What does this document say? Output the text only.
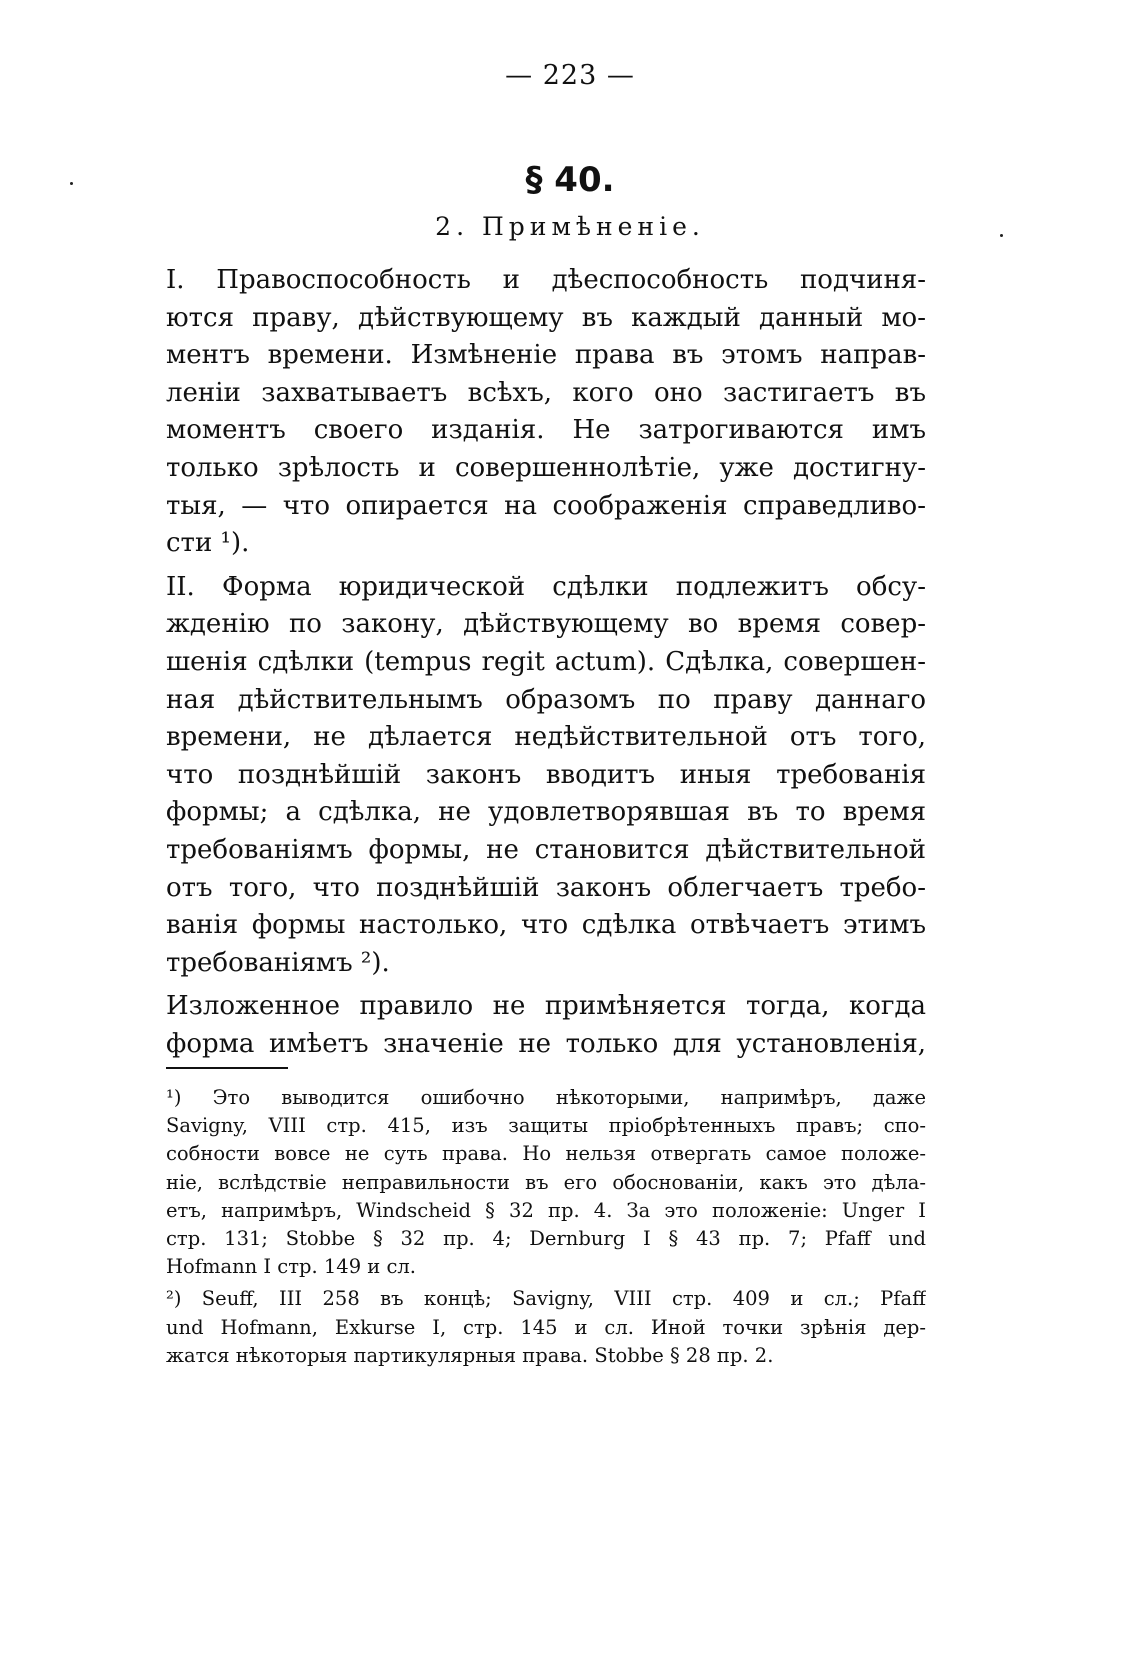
— 223 —
§ 40.
2. Примѣненіе.
I. Правоспособность и дѣеспособность подчиня-
ются праву, дѣйствующему въ каждый данный мо-
ментъ времени. Измѣненіе права въ этомъ направ-
леніи захватываетъ всѣхъ, кого оно застигаетъ въ
моментъ своего изданія. Не затрогиваются имъ
только зрѣлость и совершеннолѣтіе, уже достигну-
тыя, — что опирается на соображенія справедливо-
сти ¹).
II. Форма юридической сдѣлки подлежитъ обсу-
жденію по закону, дѣйствующему во время совер-
шенія сдѣлки (tempus regit actum). Сдѣлка, совершен-
ная дѣйствительнымъ образомъ по праву даннаго
времени, не дѣлается недѣйствительной отъ того,
что позднѣйшій законъ вводитъ иныя требованія
формы; а сдѣлка, не удовлетворявшая въ то время
требованіямъ формы, не становится дѣйствительной
отъ того, что позднѣйшій законъ облегчаетъ требо-
ванія формы настолько, что сдѣлка отвѣчаетъ этимъ
требованіямъ ²).
Изложенное правило не примѣняется тогда, когда
форма имѣетъ значеніе не только для установленія,
¹) Это выводится ошибочно нѣкоторыми, напримѣръ, даже
Savigny, VIII стр. 415, изъ защиты пріобрѣтенныхъ правъ; спо-
собности вовсе не суть права. Но нельзя отвергать самое положе-
ніе, вслѣдствіе неправильности въ его обоснованіи, какъ это дѣла-
етъ, напримѣръ, Windscheid § 32 пр. 4. За это положеніе: Unger I
стр. 131; Stobbe § 32 пр. 4; Dernburg I § 43 пр. 7; Pfaff und
Hofmann I стр. 149 и сл.
²) Seuff, III 258 въ концѣ; Savigny, VIII стр. 409 и сл.; Pfaff
und Hofmann, Exkurse I, стр. 145 и сл. Иной точки зрѣнія дер-
жатся нѣкоторыя партикулярныя права. Stobbe § 28 пр. 2.
